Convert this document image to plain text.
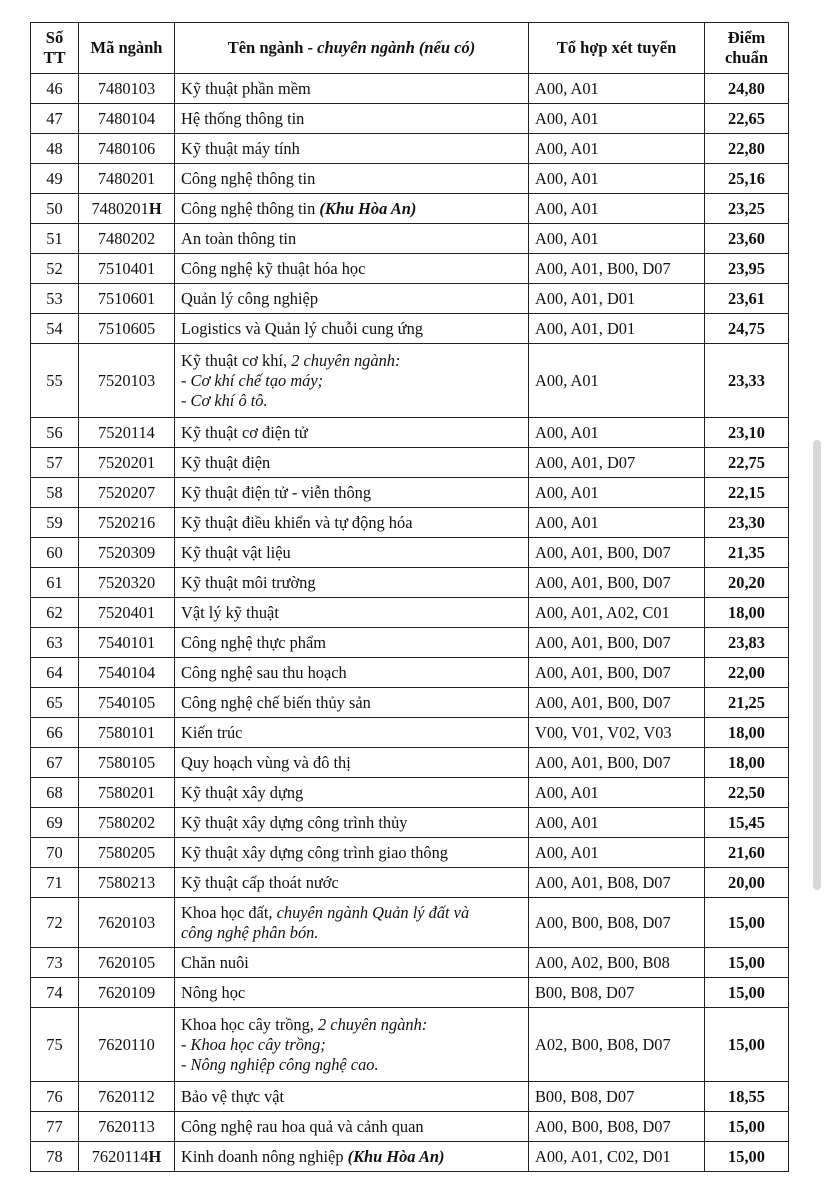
Số TT	Mã ngành	Tên ngành - chuyên ngành (nếu có)	Tổ hợp xét tuyển	Điểm chuẩn
46	7480103	Kỹ thuật phần mềm	A00, A01	24,80
47	7480104	Hệ thống thông tin	A00, A01	22,65
48	7480106	Kỹ thuật máy tính	A00, A01	22,80
49	7480201	Công nghệ thông tin	A00, A01	25,16
50	7480201H	Công nghệ thông tin (Khu Hòa An)	A00, A01	23,25
51	7480202	An toàn thông tin	A00, A01	23,60
52	7510401	Công nghệ kỹ thuật hóa học	A00, A01, B00, D07	23,95
53	7510601	Quản lý công nghiệp	A00, A01, D01	23,61
54	7510605	Logistics và Quản lý chuỗi cung ứng	A00, A01, D01	24,75
55	7520103	Kỹ thuật cơ khí, 2 chuyên ngành:
- Cơ khí chế tạo máy;
- Cơ khí ô tô.	A00, A01	23,33
56	7520114	Kỹ thuật cơ điện tử	A00, A01	23,10
57	7520201	Kỹ thuật điện	A00, A01, D07	22,75
58	7520207	Kỹ thuật điện tử - viễn thông	A00, A01	22,15
59	7520216	Kỹ thuật điều khiển và tự động hóa	A00, A01	23,30
60	7520309	Kỹ thuật vật liệu	A00, A01, B00, D07	21,35
61	7520320	Kỹ thuật môi trường	A00, A01, B00, D07	20,20
62	7520401	Vật lý kỹ thuật	A00, A01, A02, C01	18,00
63	7540101	Công nghệ thực phẩm	A00, A01, B00, D07	23,83
64	7540104	Công nghệ sau thu hoạch	A00, A01, B00, D07	22,00
65	7540105	Công nghệ chế biến thủy sản	A00, A01, B00, D07	21,25
66	7580101	Kiến trúc	V00, V01, V02, V03	18,00
67	7580105	Quy hoạch vùng và đô thị	A00, A01, B00, D07	18,00
68	7580201	Kỹ thuật xây dựng	A00, A01	22,50
69	7580202	Kỹ thuật xây dựng công trình thủy	A00, A01	15,45
70	7580205	Kỹ thuật xây dựng công trình giao thông	A00, A01	21,60
71	7580213	Kỹ thuật cấp thoát nước	A00, A01, B08, D07	20,00
72	7620103	Khoa học đất, chuyên ngành Quản lý đất và
công nghệ phân bón.	A00, B00, B08, D07	15,00
73	7620105	Chăn nuôi	A00, A02, B00, B08	15,00
74	7620109	Nông học	B00, B08, D07	15,00
75	7620110	Khoa học cây trồng, 2 chuyên ngành:
- Khoa học cây trồng;
- Nông nghiệp công nghệ cao.	A02, B00, B08, D07	15,00
76	7620112	Bảo vệ thực vật	B00, B08, D07	18,55
77	7620113	Công nghệ rau hoa quả và cảnh quan	A00, B00, B08, D07	15,00
78	7620114H	Kinh doanh nông nghiệp (Khu Hòa An)	A00, A01, C02, D01	15,00
